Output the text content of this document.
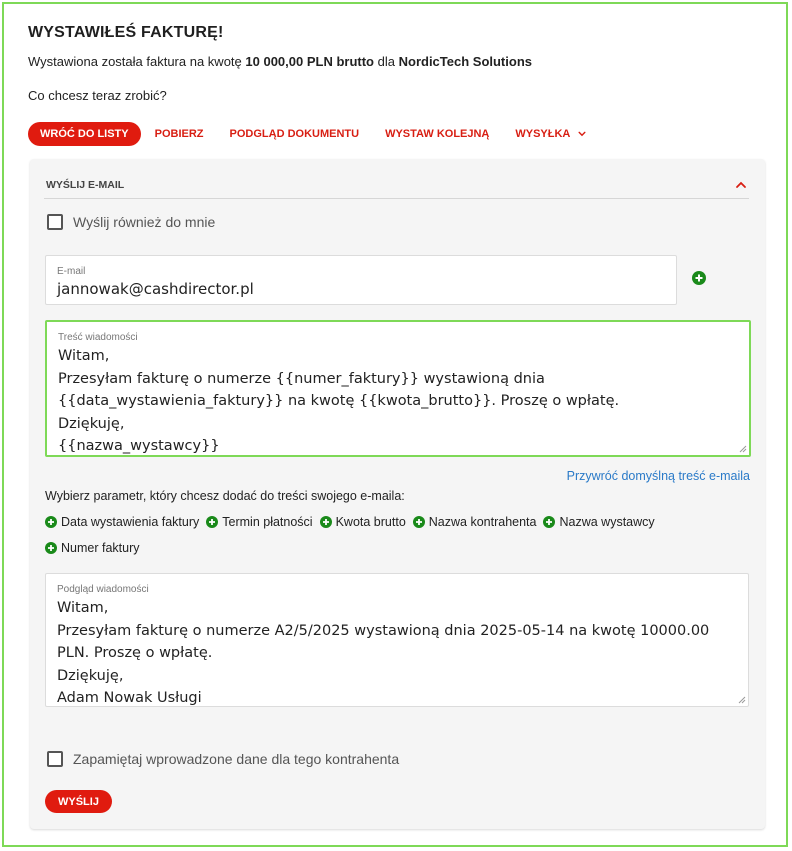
WYSTAWIŁEŚ FAKTURĘ!
Wystawiona została faktura na kwotę 10 000,00 PLN brutto dla NordicTech Solutions
Co chcesz teraz zrobić?
WRÓĆ DO LISTY	POBIERZ PODGLĄD DOKUMENTU WYSTAW KOLEJNĄ WYSYŁKA
WYŚLIJ E-MAIL
Wyślij również do mnie
E-mail
jannowak@cashdirector.pl
Treść wiadomości
Witam,
Przesyłam fakturę o numerze {{numer_faktury}} wystawioną dnia {{data_wystawienia_faktury}} na kwotę {{kwota_brutto}}. Proszę o wpłatę.
Dziękuję,
{{nazwa_wystawcy}}
Przywróć domyślną treść e-maila
Wybierz parametr, który chcesz dodać do treści swojego e-maila:
Data wystawienia faktury Termin płatności Kwota brutto Nazwa kontrahenta Nazwa wystawcy
Numer faktury
Podgląd wiadomości
Witam,
Przesyłam fakturę o numerze A2/5/2025 wystawioną dnia 2025-05-14 na kwotę 10000.00 PLN. Proszę o wpłatę.
Dziękuję,
Adam Nowak Usługi
Zapamiętaj wprowadzone dane dla tego kontrahenta
WYŚLIJ
